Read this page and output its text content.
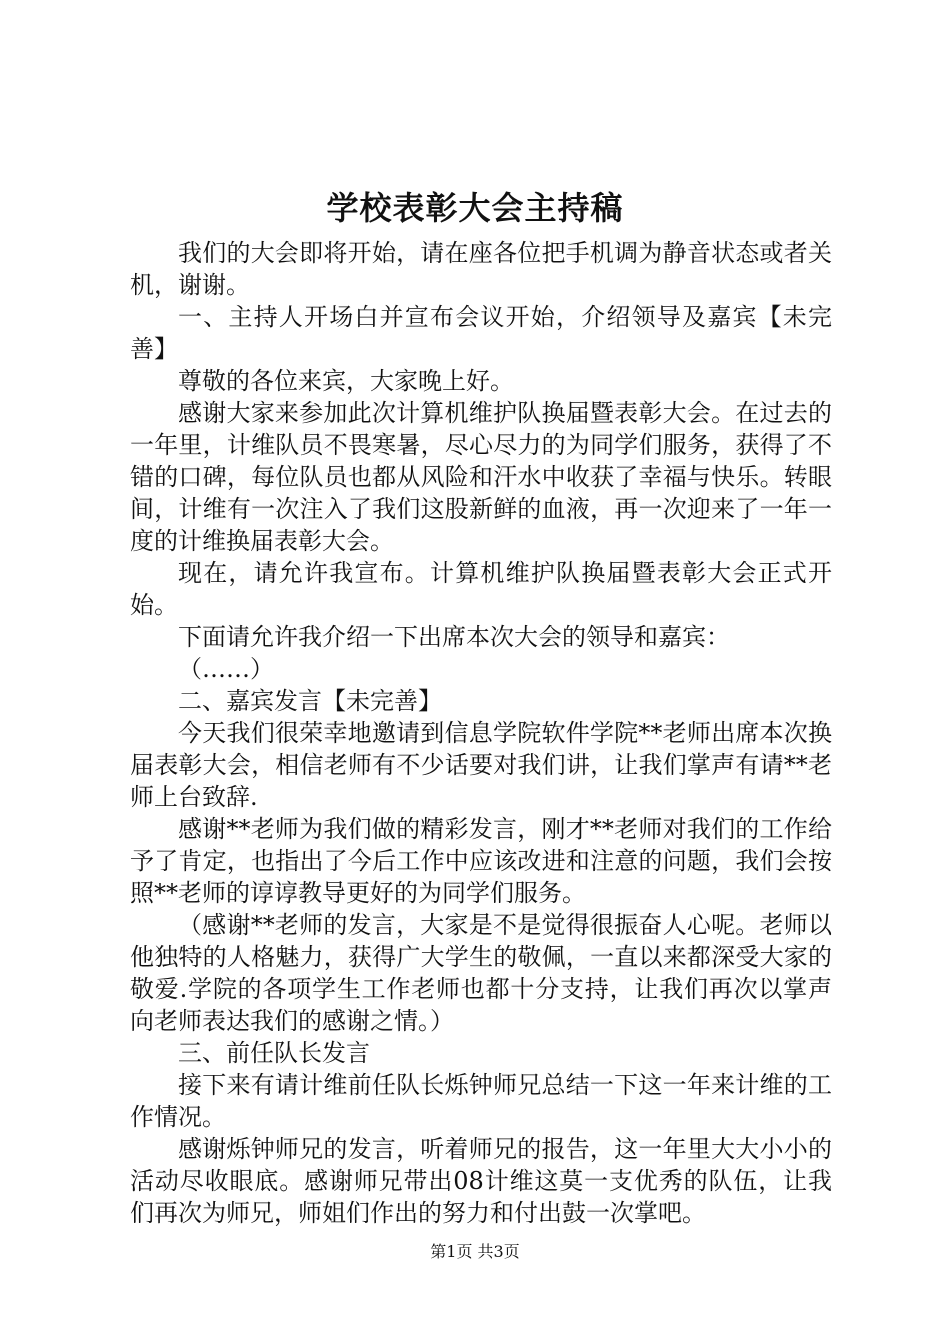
学校表彰大会主持稿

我们的大会即将开始，请在座各位把手机调为静音状态或者关机，谢谢。

一、主持人开场白并宣布会议开始，介绍领导及嘉宾【未完善】

尊敬的各位来宾，大家晚上好。

感谢大家来参加此次计算机维护队换届暨表彰大会。在过去的一年里，计维队员不畏寒暑，尽心尽力的为同学们服务，获得了不错的口碑，每位队员也都从风险和汗水中收获了幸福与快乐。转眼间，计维有一次注入了我们这股新鲜的血液，再一次迎来了一年一度的计维换届表彰大会。

现在，请允许我宣布。计算机维护队换届暨表彰大会正式开始。

下面请允许我介绍一下出席本次大会的领导和嘉宾：

（……）

二、嘉宾发言【未完善】

今天我们很荣幸地邀请到信息学院软件学院**老师出席本次换届表彰大会，相信老师有不少话要对我们讲，让我们掌声有请**老师上台致辞.

感谢**老师为我们做的精彩发言，刚才**老师对我们的工作给予了肯定，也指出了今后工作中应该改进和注意的问题，我们会按照**老师的谆谆教导更好的为同学们服务。

（感谢**老师的发言，大家是不是觉得很振奋人心呢。老师以他独特的人格魅力，获得广大学生的敬佩，一直以来都深受大家的敬爱.学院的各项学生工作老师也都十分支持，让我们再次以掌声向老师表达我们的感谢之情。）

三、前任队长发言

接下来有请计维前任队长烁钟师兄总结一下这一年来计维的工作情况。

感谢烁钟师兄的发言，听着师兄的报告，这一年里大大小小的活动尽收眼底。感谢师兄带出08计维这莫一支优秀的队伍，让我们再次为师兄，师姐们作出的努力和付出鼓一次掌吧。

第1页 共3页
